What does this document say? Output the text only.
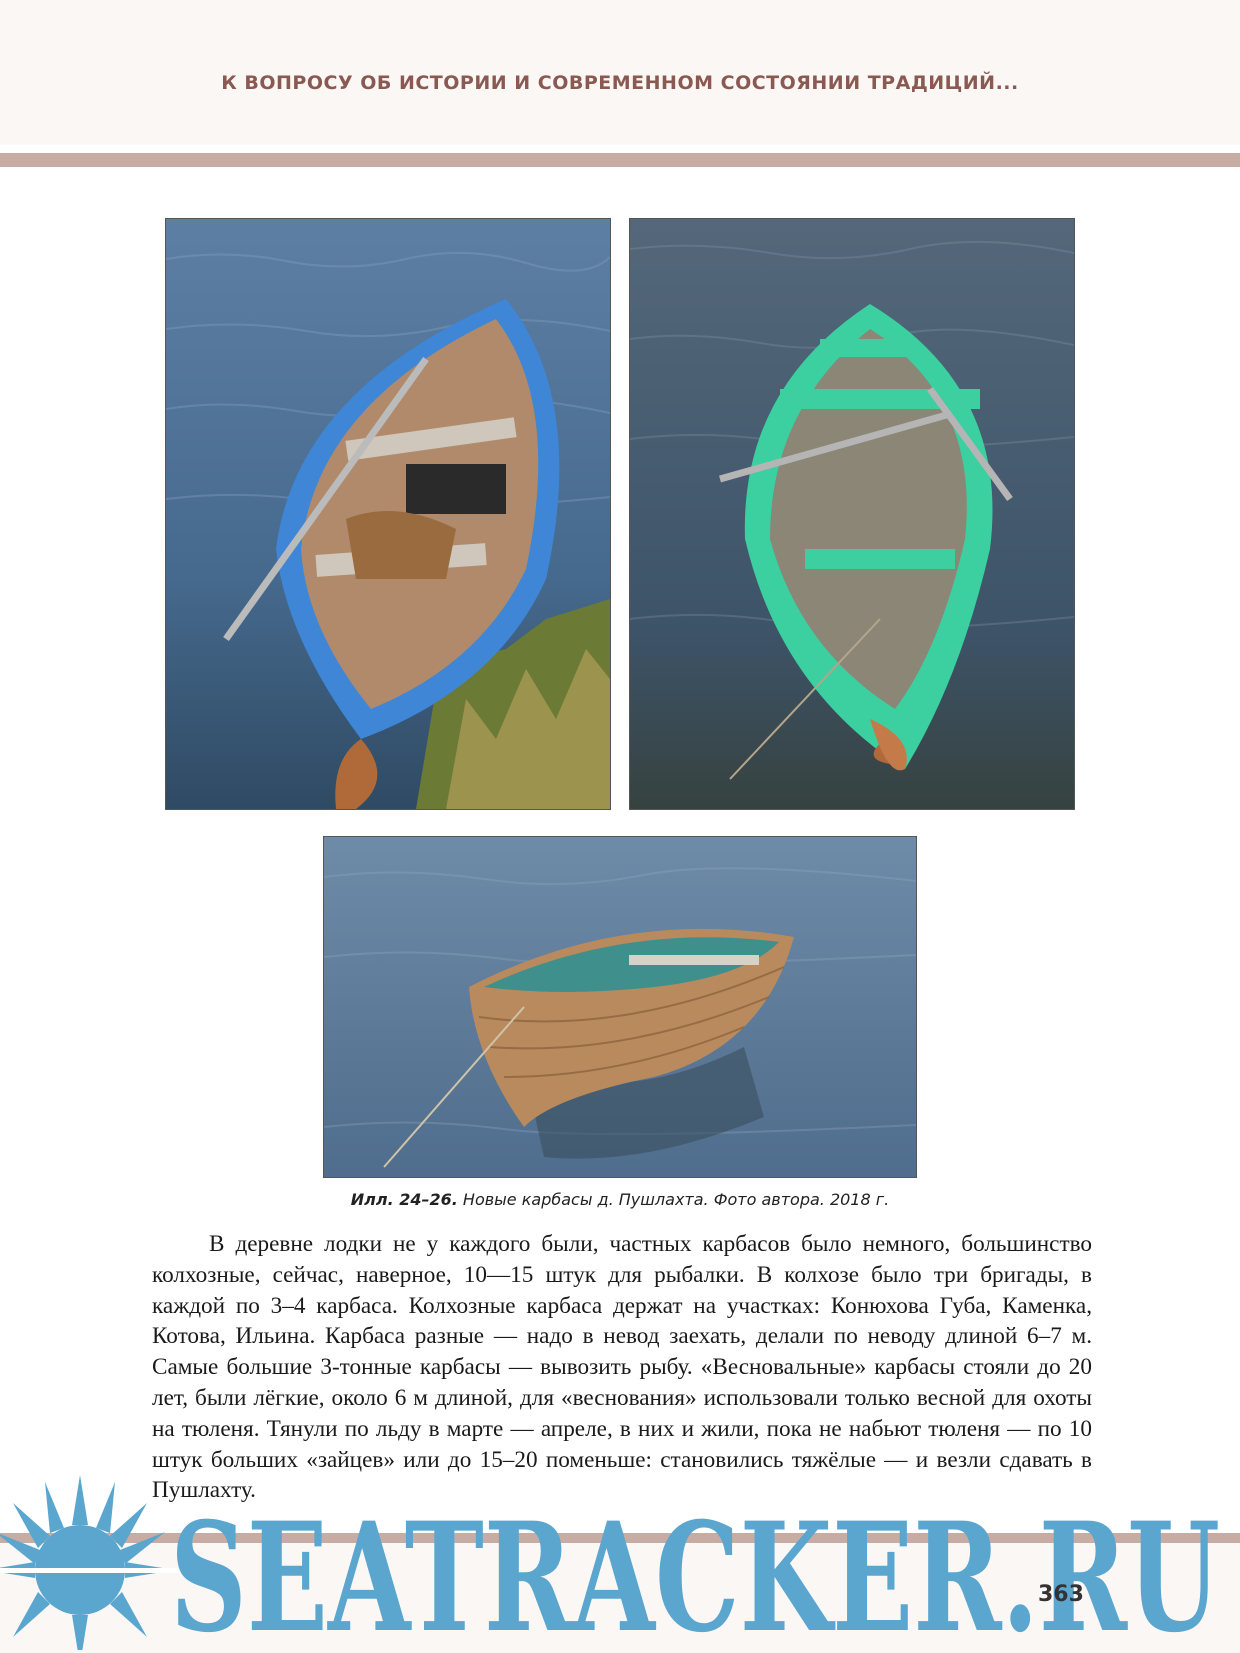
К ВОПРОСУ ОБ ИСТОРИИ И СОВРЕМЕННОМ СОСТОЯНИИ ТРАДИЦИЙ...
Илл. 24–26. Новые карбасы д. Пушлахта. Фото автора. 2018 г.

В деревне лодки не у каждого были, частных карбасов было немного, большинство колхозные, сейчас, наверное, 10—15 штук для рыбалки. В колхозе было три бригады, в каждой по 3–4 карбаса. Колхозные карбаса держат на участках: Конюхова Губа, Каменка, Котова, Ильина. Карбаса разные — надо в невод заехать, делали по неводу длиной 6–7 м. Самые большие 3-тонные карбасы — вывозить рыбу. «Весновальные» карбасы стояли до 20 лет, были лёгкие, около 6 м длиной, для «веснования» использовали только весной для охоты на тюленя. Тянули по льду в марте — апреле, в них и жили, пока не набьют тюленя — по 10 штук больших «зайцев» или до 15–20 поменьше: становились тяжёлые — и везли сдавать в Пушлахту.

SEATRACKER.RU
363
